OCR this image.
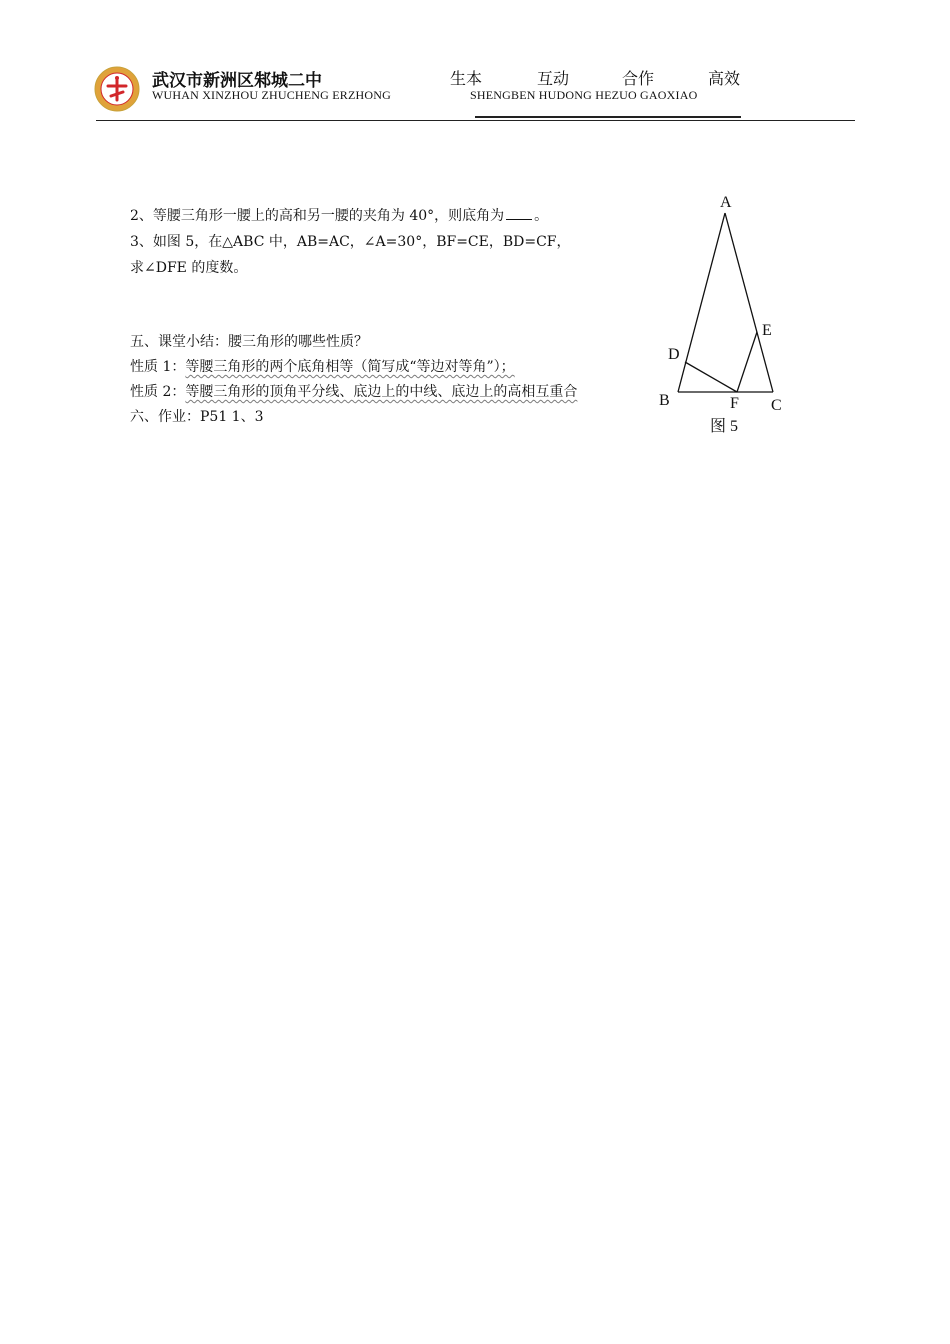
武汉市新洲区邾城二中
WUHAN XINZHOU ZHUCHENG ERZHONG
生本	互动	合作	高效
SHENGBEN HUDONG HEZUO GAOXIAO
2、等腰三角形一腰上的高和另一腰的夹角为 40°，则底角为 。
3、如图 5，在△ABC 中，AB=AC，∠A=30°，BF=CE，BD=CF，
求∠DFE 的度数。
五、课堂小结：腰三角形的哪些性质？
性质 1：等腰三角形的两个底角相等（简写成“等边对等角”）；
性质 2：等腰三角形的顶角平分线、底边上的中线、底边上的高相互重合
六、作业：P51 1、3
A
B	C
D
E
F
图 5
